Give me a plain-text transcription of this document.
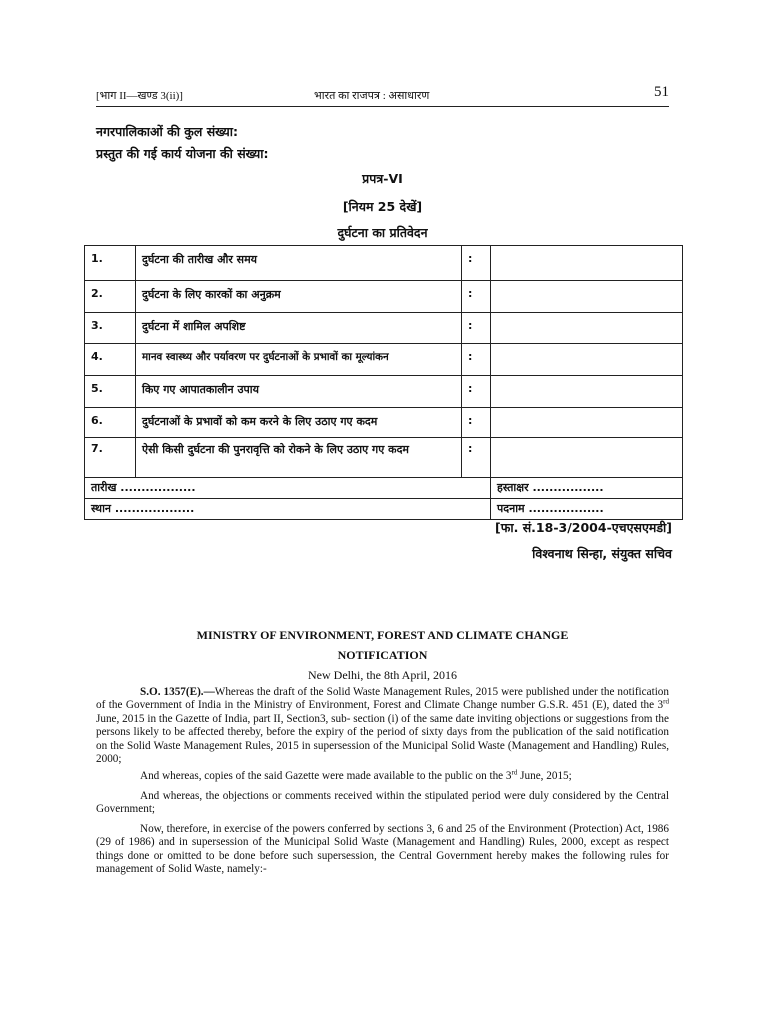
[भाग II—खण्ड 3(ii)]	भारत का राजपत्र : असाधारण	51
नगरपालिकाओं की कुल संख्या:
प्रस्तुत की गई कार्य योजना की संख्या:
प्रपत्र-VI
[नियम 25 देखें]
दुर्घटना का प्रतिवेदन
1.	दुर्घटना की तारीख और समय	:	
2.	दुर्घटना के लिए कारकों का अनुक्रम	:	
3.	दुर्घटना में शामिल अपशिष्ट	:	
4.	मानव स्वास्थ्य और पर्यावरण पर दुर्घटनाओं के प्रभावों का मूल्यांकन	:	
5.	किए गए आपातकालीन उपाय	:	
6.	दुर्घटनाओं के प्रभावों को कम करने के लिए उठाए गए कदम	:	
7.	ऐसी किसी दुर्घटना की पुनरावृत्ति को रोकने के लिए उठाए गए कदम	:	
तारीख ..................			हस्ताक्षर .................
स्थान ...................			पदनाम ..................
[फा. सं.18-3/2004-एचएसएमडी]
विश्वनाथ सिन्हा, संयुक्त सचिव
MINISTRY OF ENVIRONMENT, FOREST AND CLIMATE CHANGE
NOTIFICATION
New Delhi, the 8th April, 2016

S.O. 1357(E).—Whereas the draft of the Solid Waste Management Rules, 2015 were published under the notification of the Government of India in the Ministry of Environment, Forest and Climate Change number G.S.R. 451 (E), dated the 3rd June, 2015 in the Gazette of India, part II, Section3, sub- section (i) of the same date inviting objections or suggestions from the persons likely to be affected thereby, before the expiry of the period of sixty days from the publication of the said notification on the Solid Waste Management Rules, 2015 in supersession of the Municipal Solid Waste (Management and Handling) Rules, 2000;

And whereas, copies of the said Gazette were made available to the public on the 3rd June, 2015;

And whereas, the objections or comments received within the stipulated period were duly considered by the Central Government;

Now, therefore, in exercise of the powers conferred by sections 3, 6 and 25 of the Environment (Protection) Act, 1986 (29 of 1986) and in supersession of the Municipal Solid Waste (Management and Handling) Rules, 2000, except as respect things done or omitted to be done before such supersession, the Central Government hereby makes the following rules for management of Solid Waste, namely:-
